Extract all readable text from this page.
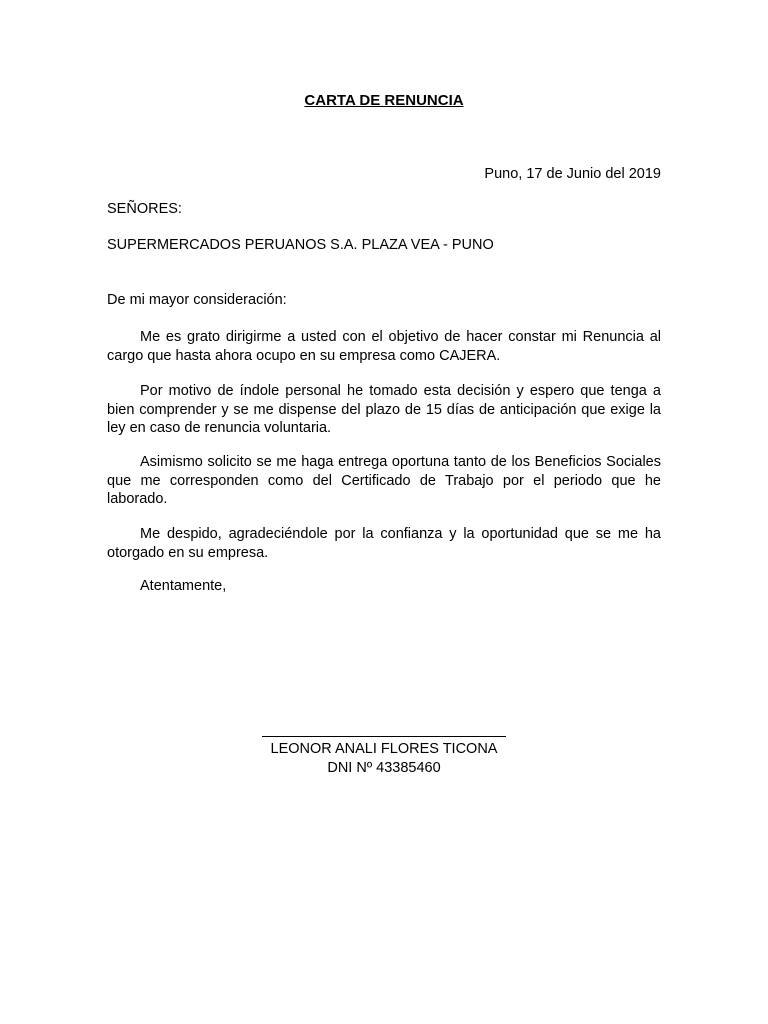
CARTA DE RENUNCIA

Puno, 17 de Junio del 2019

SEÑORES:

SUPERMERCADOS PERUANOS S.A. PLAZA VEA - PUNO

De mi mayor consideración:

Me es grato dirigirme a usted con el objetivo de hacer constar mi Renuncia al cargo que hasta ahora ocupo en su empresa como CAJERA.

Por motivo de índole personal he tomado esta decisión y espero que tenga a bien comprender y se me dispense del plazo de 15 días de anticipación que exige la ley en caso de renuncia voluntaria.

Asimismo solicito se me haga entrega oportuna tanto de los Beneficios Sociales que me corresponden como del Certificado de Trabajo por el periodo que he laborado.

Me despido, agradeciéndole por la confianza y la oportunidad que se me ha otorgado en su empresa.

Atentamente,

LEONOR ANALI FLORES TICONA

DNI Nº 43385460
